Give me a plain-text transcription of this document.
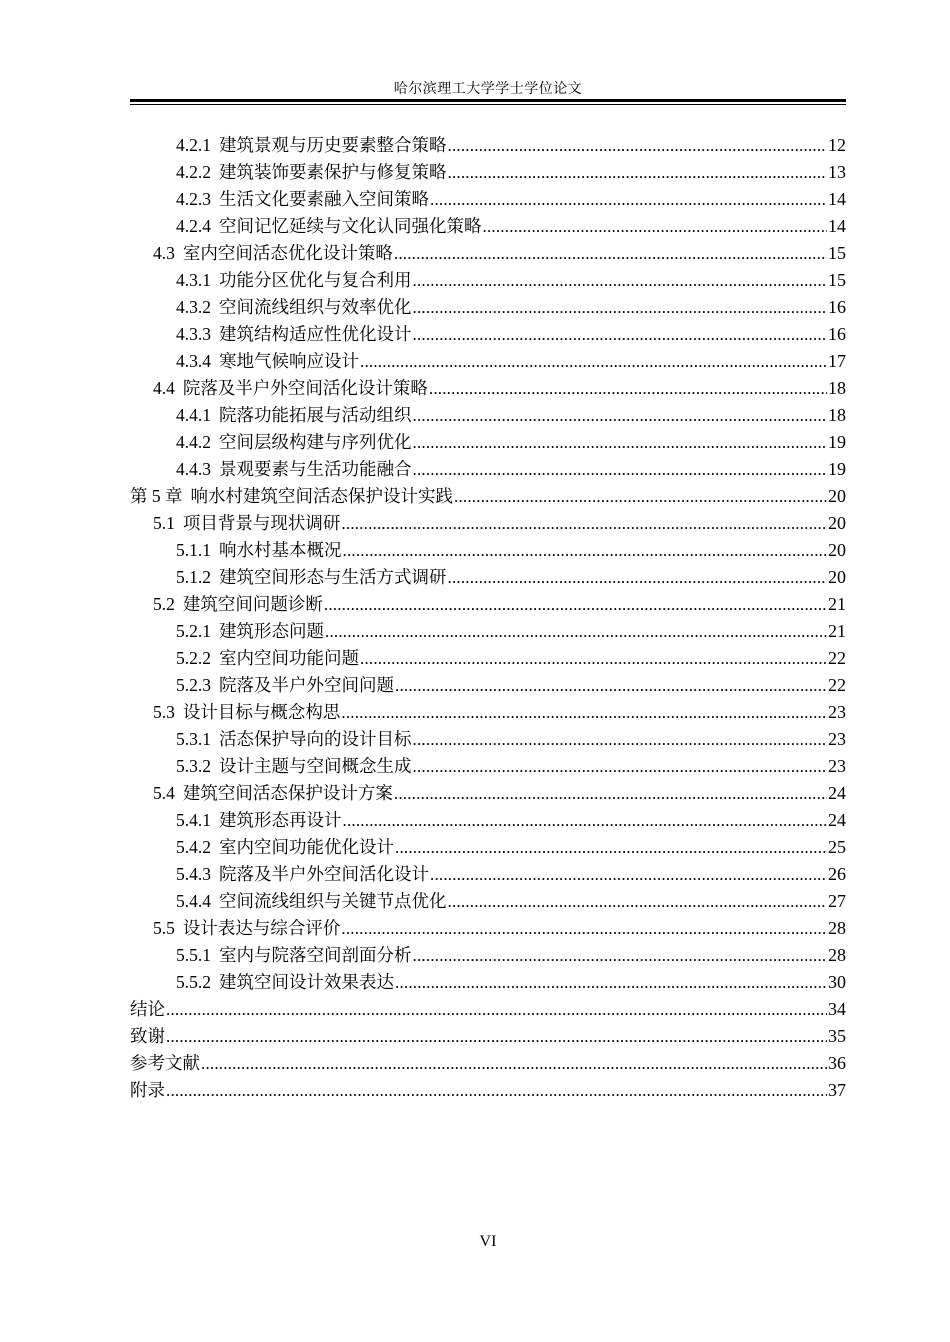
哈尔滨理工大学学士学位论文
4.2.1 建筑景观与历史要素整合策略 .....	12
4.2.2 建筑装饰要素保护与修复策略 .....	13
4.2.3 生活文化要素融入空间策略 .....	14
4.2.4 空间记忆延续与文化认同强化策略 .....	14
4.3 室内空间活态优化设计策略 .....	15
4.3.1 功能分区优化与复合利用 .....	15
4.3.2 空间流线组织与效率优化 .....	16
4.3.3 建筑结构适应性优化设计 .....	16
4.3.4 寒地气候响应设计 .....	17
4.4 院落及半户外空间活化设计策略 .....	18
4.4.1 院落功能拓展与活动组织 .....	18
4.4.2 空间层级构建与序列优化 .....	19
4.4.3 景观要素与生活功能融合 .....	19
第 5 章 响水村建筑空间活态保护设计实践 .....	20
5.1 项目背景与现状调研 .....	20
5.1.1 响水村基本概况 .....	20
5.1.2 建筑空间形态与生活方式调研 .....	20
5.2 建筑空间问题诊断 .....	21
5.2.1 建筑形态问题 .....	21
5.2.2 室内空间功能问题 .....	22
5.2.3 院落及半户外空间问题 .....	22
5.3 设计目标与概念构思 .....	23
5.3.1 活态保护导向的设计目标 .....	23
5.3.2 设计主题与空间概念生成 .....	23
5.4 建筑空间活态保护设计方案 .....	24
5.4.1 建筑形态再设计 .....	24
5.4.2 室内空间功能优化设计 .....	25
5.4.3 院落及半户外空间活化设计 .....	26
5.4.4 空间流线组织与关键节点优化 .....	27
5.5 设计表达与综合评价 .....	28
5.5.1 室内与院落空间剖面分析 .....	28
5.5.2 建筑空间设计效果表达 .....	30
结论 .....	34
致谢 .....	35
参考文献 .....	36
附录 .....	37
VI
